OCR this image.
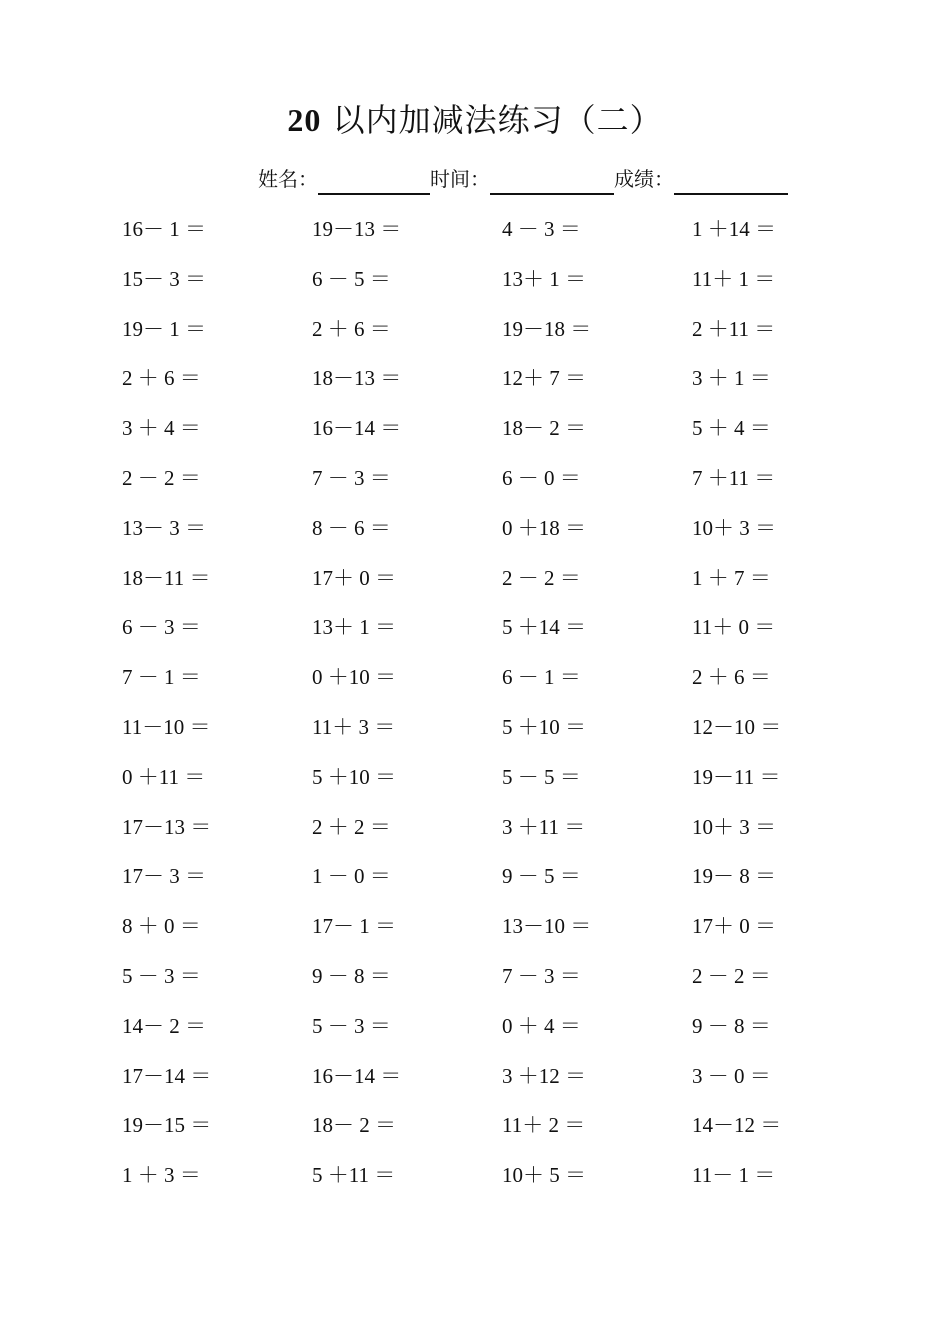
20 以内加减法练习（二）
姓名：	时间：	成绩：
16－ 1 ＝	19－13 ＝	4 － 3 ＝	1 ＋14 ＝
15－ 3 ＝	6 － 5 ＝	13＋ 1 ＝	11＋ 1 ＝
19－ 1 ＝	2 ＋ 6 ＝	19－18 ＝	2 ＋11 ＝
2 ＋ 6 ＝	18－13 ＝	12＋ 7 ＝	3 ＋ 1 ＝
3 ＋ 4 ＝	16－14 ＝	18－ 2 ＝	5 ＋ 4 ＝
2 － 2 ＝	7 － 3 ＝	6 － 0 ＝	7 ＋11 ＝
13－ 3 ＝	8 － 6 ＝	0 ＋18 ＝	10＋ 3 ＝
18－11 ＝	17＋ 0 ＝	2 － 2 ＝	1 ＋ 7 ＝
6 － 3 ＝	13＋ 1 ＝	5 ＋14 ＝	11＋ 0 ＝
7 － 1 ＝	0 ＋10 ＝	6 － 1 ＝	2 ＋ 6 ＝
11－10 ＝	11＋ 3 ＝	5 ＋10 ＝	12－10 ＝
0 ＋11 ＝	5 ＋10 ＝	5 － 5 ＝	19－11 ＝
17－13 ＝	2 ＋ 2 ＝	3 ＋11 ＝	10＋ 3 ＝
17－ 3 ＝	1 － 0 ＝	9 － 5 ＝	19－ 8 ＝
8 ＋ 0 ＝	17－ 1 ＝	13－10 ＝	17＋ 0 ＝
5 － 3 ＝	9 － 8 ＝	7 － 3 ＝	2 － 2 ＝
14－ 2 ＝	5 － 3 ＝	0 ＋ 4 ＝	9 － 8 ＝
17－14 ＝	16－14 ＝	3 ＋12 ＝	3 － 0 ＝
19－15 ＝	18－ 2 ＝	11＋ 2 ＝	14－12 ＝
1 ＋ 3 ＝	5 ＋11 ＝	10＋ 5 ＝	11－ 1 ＝
